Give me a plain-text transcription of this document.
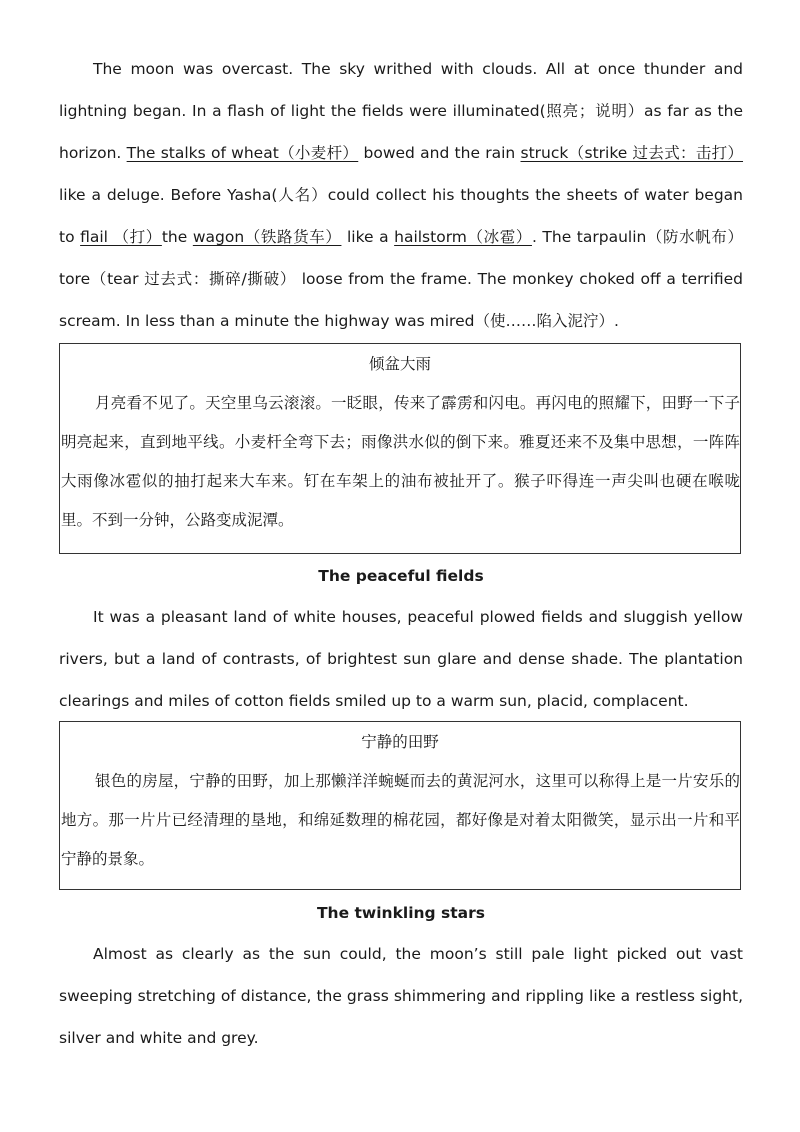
The moon was overcast. The sky writhed with clouds. All at once thunder and lightning began. In a flash of light the fields were illuminated(照亮；说明）as far as the horizon. The stalks of wheat（小麦杆） bowed and the rain struck（strike 过去式：击打）like a deluge. Before Yasha(人名）could collect his thoughts the sheets of water began to flail （打）the wagon（铁路货车） like a hailstorm（冰雹）. The tarpaulin（防水帆布） tore（tear 过去式：撕碎/撕破） loose from the frame. The monkey choked off a terrified scream. In less than a minute the highway was mired（使……陷入泥泞）.

倾盆大雨

月亮看不见了。天空里乌云滚滚。一眨眼，传来了霹雳和闪电。再闪电的照耀下，田野一下子明亮起来，直到地平线。小麦杆全弯下去；雨像洪水似的倒下来。雅夏还来不及集中思想，一阵阵大雨像冰雹似的抽打起来大车来。钉在车架上的油布被扯开了。猴子吓得连一声尖叫也硬在喉咙里。不到一分钟，公路变成泥潭。

The peaceful fields

It was a pleasant land of white houses, peaceful plowed fields and sluggish yellow rivers, but a land of contrasts, of brightest sun glare and dense shade. The plantation clearings and miles of cotton fields smiled up to a warm sun, placid, complacent.

宁静的田野

银色的房屋，宁静的田野，加上那懒洋洋蜿蜒而去的黄泥河水，这里可以称得上是一片安乐的地方。那一片片已经清理的垦地，和绵延数理的棉花园，都好像是对着太阳微笑，显示出一片和平宁静的景象。

The twinkling stars

Almost as clearly as the sun could, the moon’s still pale light picked out vast sweeping stretching of distance, the grass shimmering and rippling like a restless sight, silver and white and grey.
